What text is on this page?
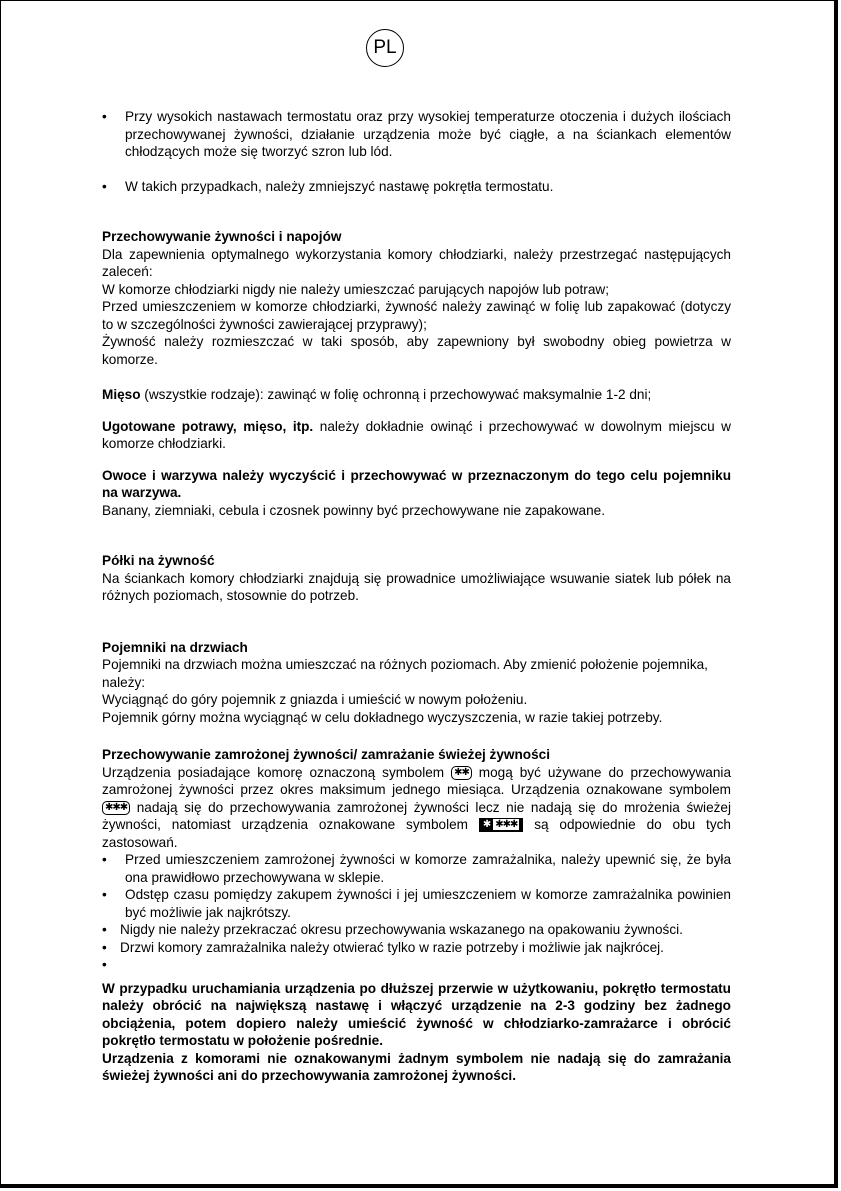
PL

• Przy wysokich nastawach termostatu oraz przy wysokiej temperaturze otoczenia i dużych ilościach przechowywanej żywności, działanie urządzenia może być ciągłe, a na ściankach elementów chłodzących może się tworzyć szron lub lód.

• W takich przypadkach, należy zmniejszyć nastawę pokrętła termostatu.

Przechowywanie żywności i napojów

Dla zapewnienia optymalnego wykorzystania komory chłodziarki, należy przestrzegać następujących zaleceń:

W komorze chłodziarki nigdy nie należy umieszczać parujących napojów lub potraw;

Przed umieszczeniem w komorze chłodziarki, żywność należy zawinąć w folię lub zapakować (dotyczy to w szczególności żywności zawierającej przyprawy);

Żywność należy rozmieszczać w taki sposób, aby zapewniony był swobodny obieg powietrza w komorze.

Mięso (wszystkie rodzaje): zawinąć w folię ochronną i przechowywać maksymalnie 1-2 dni;

Ugotowane potrawy, mięso, itp. należy dokładnie owinąć i przechowywać w dowolnym miejscu w komorze chłodziarki.

Owoce i warzywa należy wyczyścić i przechowywać w przeznaczonym do tego celu pojemniku na warzywa.

Banany, ziemniaki, cebula i czosnek powinny być przechowywane nie zapakowane.

Półki na żywność

Na ściankach komory chłodziarki znajdują się prowadnice umożliwiające wsuwanie siatek lub półek na różnych poziomach, stosownie do potrzeb.

Pojemniki na drzwiach

Pojemniki na drzwiach można umieszczać na różnych poziomach. Aby zmienić położenie pojemnika, należy:

Wyciągnąć do góry pojemnik z gniazda i umieścić w nowym położeniu.

Pojemnik górny można wyciągnąć w celu dokładnego wyczyszczenia, w razie takiej potrzeby.

Przechowywanie zamrożonej żywności/ zamrażanie świeżej żywności

Urządzenia posiadające komorę oznaczoną symbolem ✱✱ mogą być używane do przechowywania zamrożonej żywności przez okres maksimum jednego miesiąca. Urządzenia oznakowane symbolem ✱✱✱ nadają się do przechowywania zamrożonej żywności lecz nie nadają się do mrożenia świeżej żywności, natomiast urządzenia oznakowane symbolem ✱ ✱✱✱ są odpowiednie do obu tych zastosowań.

• Przed umieszczeniem zamrożonej żywności w komorze zamrażalnika, należy upewnić się, że była ona prawidłowo przechowywana w sklepie.

• Odstęp czasu pomiędzy zakupem żywności i jej umieszczeniem w komorze zamrażalnika powinien być możliwie jak najkrótszy.

• Nigdy nie należy przekraczać okresu przechowywania wskazanego na opakowaniu żywności.

• Drzwi komory zamrażalnika należy otwierać tylko w razie potrzeby i możliwie jak najkrócej.

•

W przypadku uruchamiania urządzenia po dłuższej przerwie w użytkowaniu, pokrętło termostatu należy obrócić na największą nastawę i włączyć urządzenie na 2-3 godziny bez żadnego obciążenia, potem dopiero należy umieścić żywność w chłodziarko-zamrażarce i obrócić pokrętło termostatu w położenie pośrednie.

Urządzenia z komorami nie oznakowanymi żadnym symbolem nie nadają się do zamrażania świeżej żywności ani do przechowywania zamrożonej żywności.
